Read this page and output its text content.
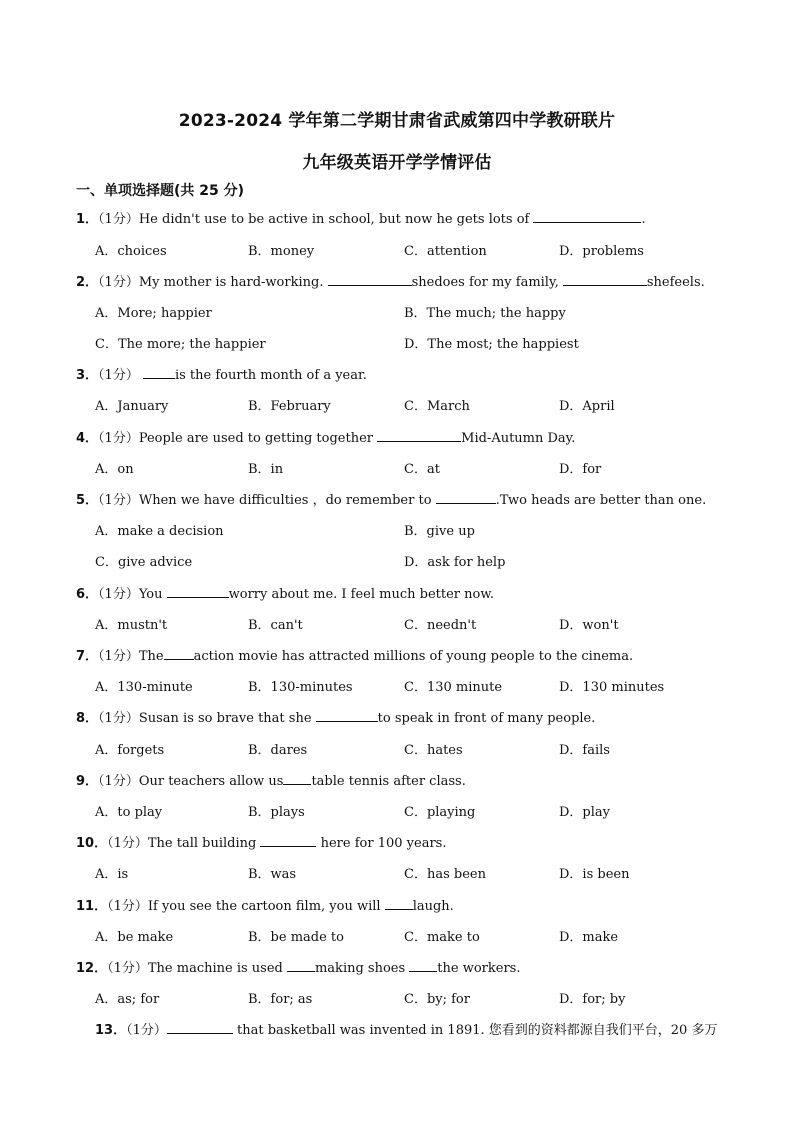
2023-2024 学年第二学期甘肃省武威第四中学教研联片
九年级英语开学学情评估
一、单项选择题(共 25 分)
1．（1分）He didn't use to be active in school, but now he gets lots of	.
A．choices	B．money	C．attention	D．problems
2．（1分）My mother is hard-working.	shedoes for my family,	shefeels.
A．More; happier	B．The much; the happy
C．The more; the happier	D．The most; the happiest
3．（1分）	is the fourth month of a year.
A．January	B．February	C．March	D．April
4．（1分）People are used to getting together	Mid-Autumn Day.
A．on	B．in	C．at	D．for
5．（1分）When we have difficulties ，do remember to	.Two heads are better than one.
A．make a decision	B．give up
C．give advice	D．ask for help
6．（1分）You	worry about me. I feel much better now.
A．mustn't	B．can't	C．needn't	D．won't
7．（1分）The action movie has attracted millions of young people to the cinema.
A．130-minute	B．130-minutes	C．130 minute	D．130 minutes
8．（1分）Susan is so brave that she	to speak in front of many people.
A．forgets	B．dares	C．hates	D．fails
9．（1分）Our teachers allow us table tennis after class.
A．to play	B．plays	C．playing	D．play
10．（1分）The tall building	here for 100 years.
A．is	B．was	C．has been	D．is been
11．（1分）If you see the cartoon film, you will laugh.
A．be make	B．be made to	C．make to	D．make
12．（1分）The machine is used making shoes the workers.
A．as; for	B．for; as	C．by; for	D．for; by
13．（1分）	that basketball was invented in 1891. 您看到的资料都源自我们平台，20 多万
